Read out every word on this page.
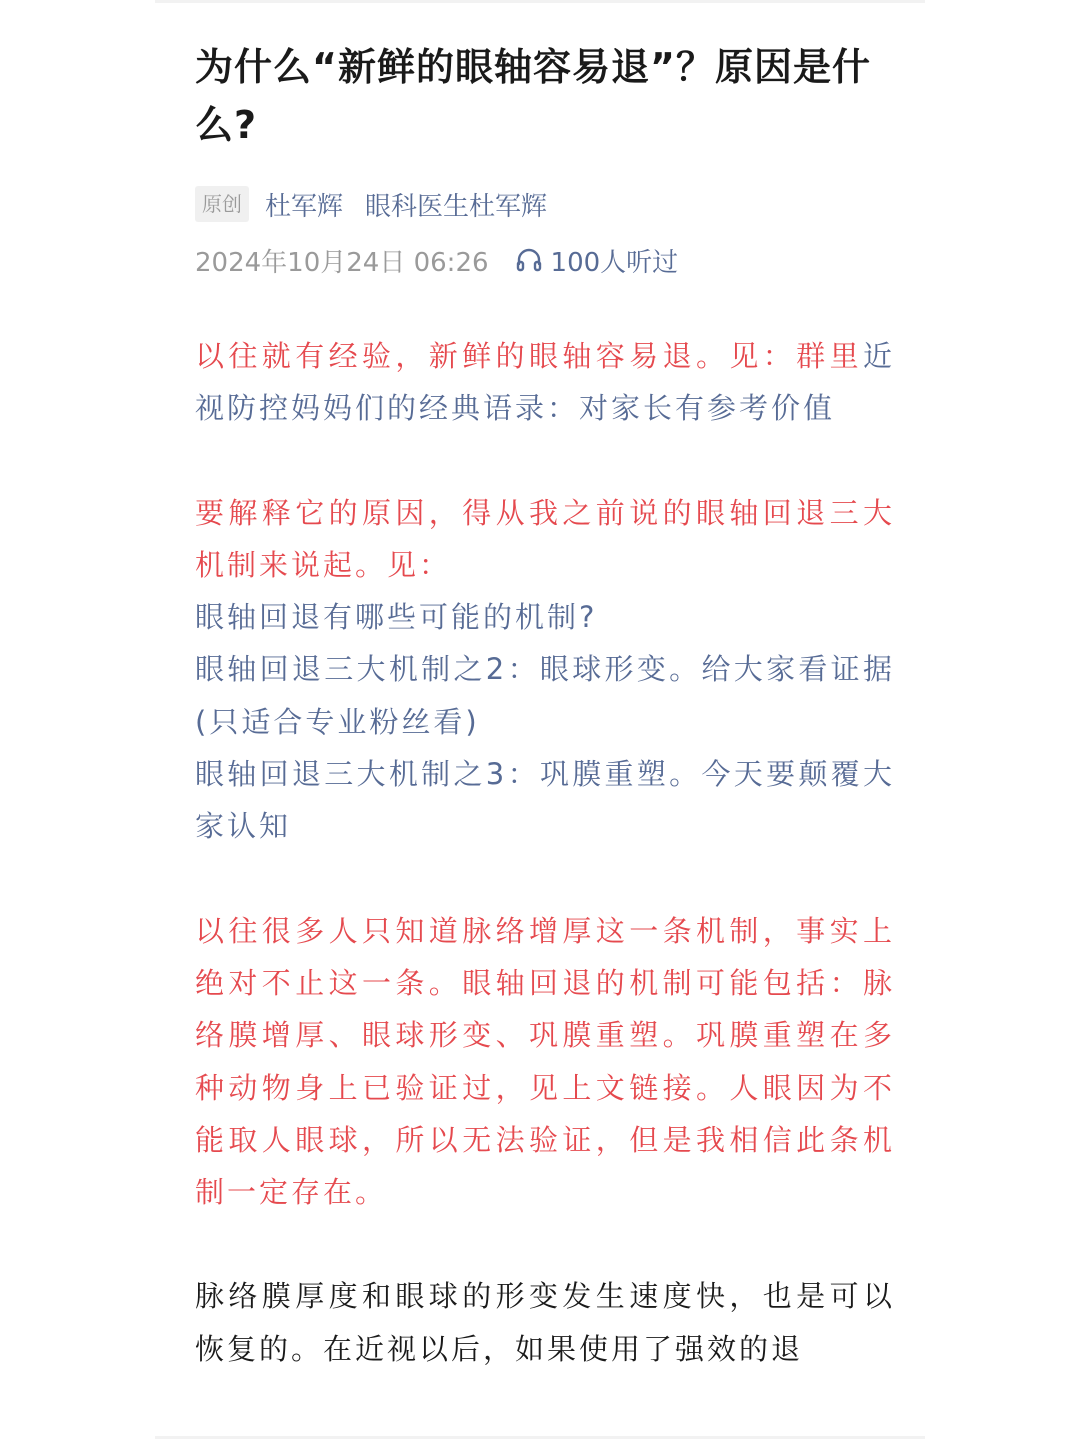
为什么“新鲜的眼轴容易退”？原因是什么?
原创 杜军辉 眼科医生杜军辉
2024年10月24日 06:26 100人听过

以往就有经验，新鲜的眼轴容易退。见：群里近视防控妈妈们的经典语录：对家长有参考价值

要解释它的原因，得从我之前说的眼轴回退三大机制来说起。见：
眼轴回退有哪些可能的机制?
眼轴回退三大机制之2：眼球形变。给大家看证据(只适合专业粉丝看)
眼轴回退三大机制之3：巩膜重塑。今天要颠覆大家认知

以往很多人只知道脉络增厚这一条机制，事实上绝对不止这一条。眼轴回退的机制可能包括：脉络膜增厚、眼球形变、巩膜重塑。巩膜重塑在多种动物身上已验证过，见上文链接。人眼因为不能取人眼球，所以无法验证，但是我相信此条机制一定存在。

脉络膜厚度和眼球的形变发生速度快，也是可以恢复的。在近视以后，如果使用了强效的退
